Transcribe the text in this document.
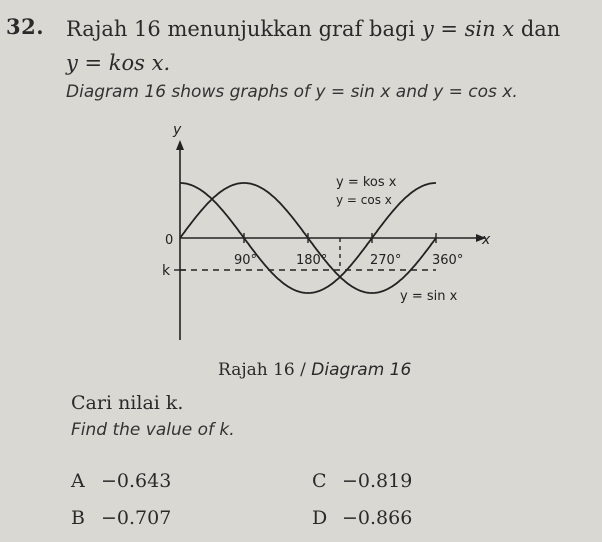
32. Rajah 16 menunjukkan graf bagi y = sin x dan
y = kos x.
Diagram 16 shows graphs of y = sin x and y = cos x.
y
x
0
k
90°	180°	270° 360°
y = kos x
y = cos x
y = sin x
Rajah 16 / Diagram 16
Cari nilai k.
Find the value of k.
A −0.643
B −0.707
C −0.819
D −0.866
